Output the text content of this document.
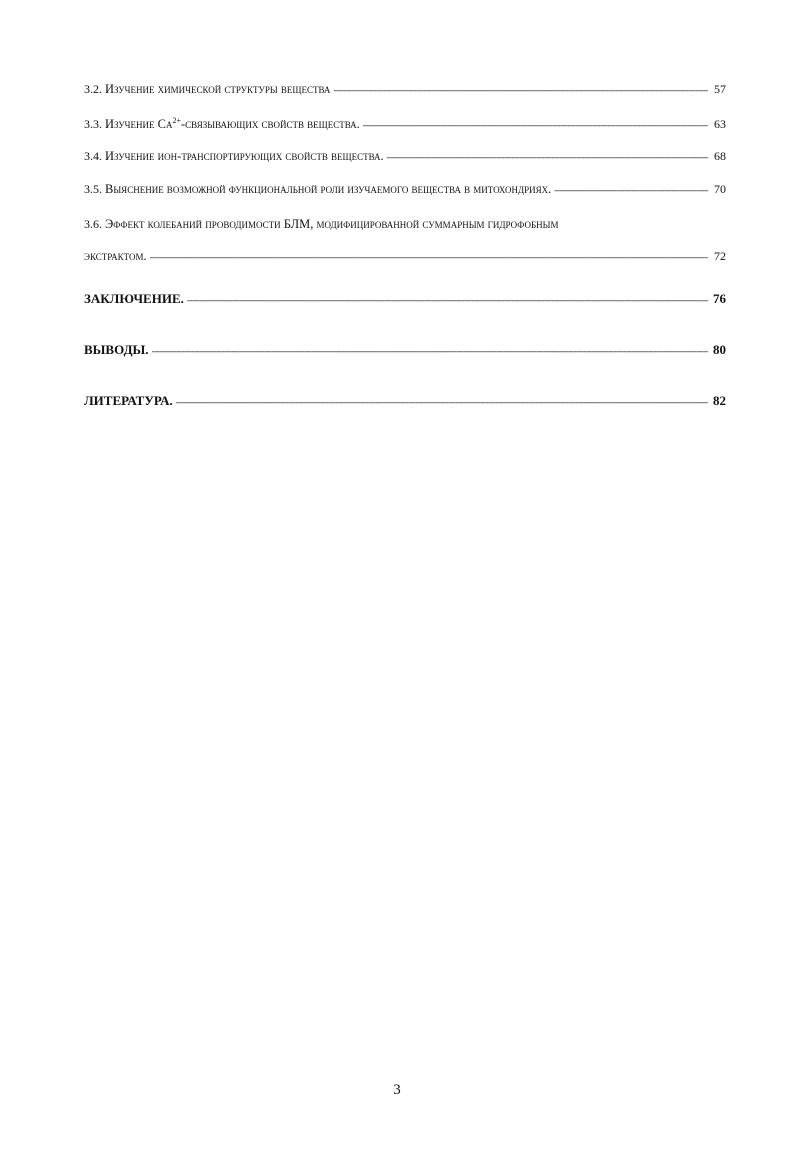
3.2. Изучение химической структуры вещества -----	57
3.3. Изучение $Ca^{2+}$-связывающих свойств вещества. -----	63
3.4. Изучение ион-транспортирующих свойств вещества. -----	68
3.5. Выяснение возможной функциональной роли изучаемого вещества в митохондриях. -----	70
3.6. Эффект колебаний проводимости БЛМ, модифицированной суммарным гидрофобным
экстрактом. -----	72
ЗАКЛЮЧЕНИЕ. -----	76
ВЫВОДЫ. -----	80
ЛИТЕРАТУРА. -----	82
3
